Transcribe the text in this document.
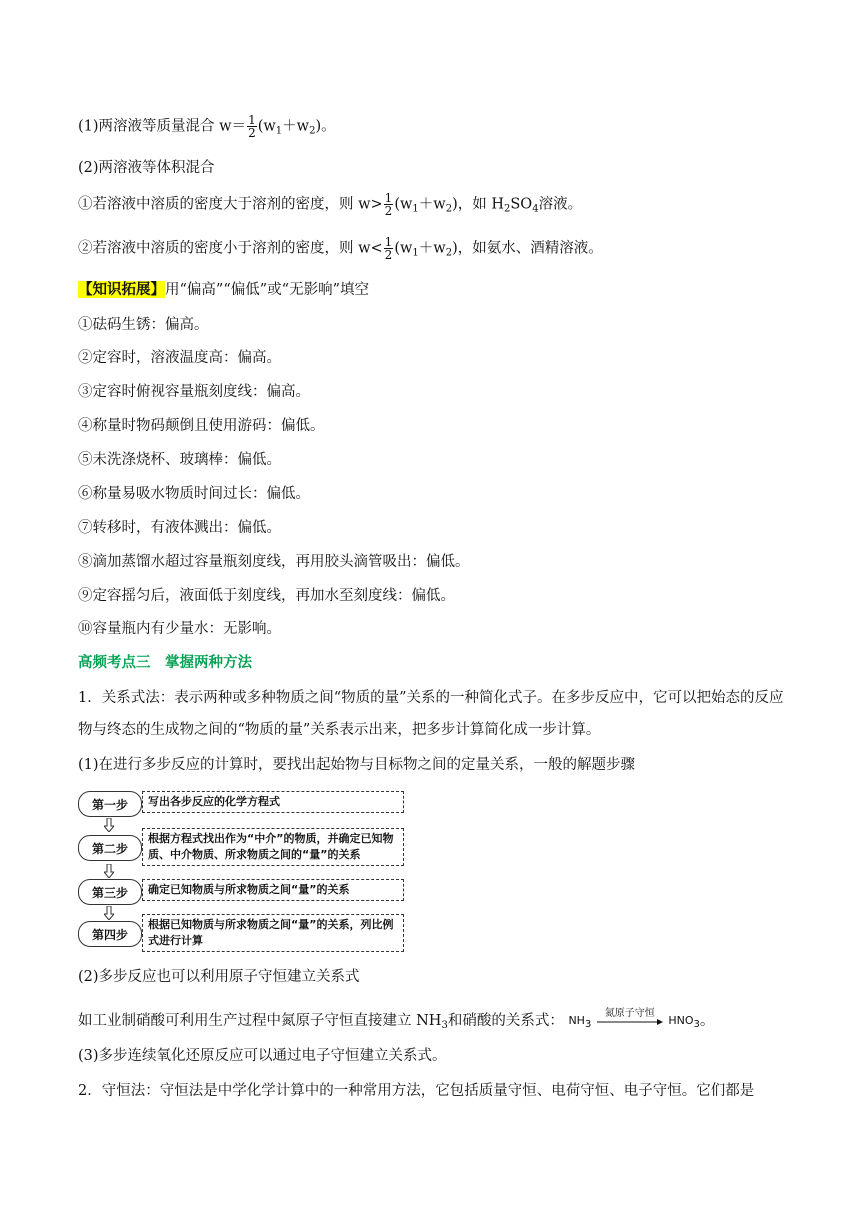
(1)两溶液等质量混合 $w= \frac{1}{2} (w_1+w_2)$。
(2)两溶液等体积混合
①若溶液中溶质的密度大于溶剂的密度，则 $w> \frac{1}{2} (w_1+w_2)$，如 $H_2SO_4$溶液。
②若溶液中溶质的密度小于溶剂的密度，则 $w< \frac{1}{2} (w_1+w_2)$，如氨水、酒精溶液。
【知识拓展】用“偏高”“偏低”或“无影响”填空
①砝码生锈：偏高。
②定容时，溶液温度高：偏高。
③定容时俯视容量瓶刻度线：偏高。
④称量时物码颠倒且使用游码：偏低。
⑤未洗涤烧杯、玻璃棒：偏低。
⑥称量易吸水物质时间过长：偏低。
⑦转移时，有液体溅出：偏低。
⑧滴加蒸馏水超过容量瓶刻度线，再用胶头滴管吸出：偏低。
⑨定容摇匀后，液面低于刻度线，再加水至刻度线：偏低。
⑩容量瓶内有少量水：无影响。
高频考点三　掌握两种方法
1．关系式法：表示两种或多种物质之间“物质的量”关系的一种简化式子。在多步反应中，它可以把始态的反应物与终态的生成物之间的“物质的量”关系表示出来，把多步计算简化成一步计算。
(1)在进行多步反应的计算时，要找出起始物与目标物之间的定量关系，一般的解题步骤
第一步	写出各步反应的化学方程式
第二步
根据方程式找出作为“中介”的物质，并确定已知物质、中介物质、所求物质之间的“量”的关系
第三步	确定已知物质与所求物质之间“量”的关系
第四步
根据已知物质与所求物质之间“量”的关系，列比例式进行计算
(2)多步反应也可以利用原子守恒建立关系式
如工业制硝酸可利用生产过程中氮原子守恒直接建立 $NH_3$和硝酸的关系式： $NH_3$
氮原子守恒
$HNO_3$。
(3)多步连续氧化还原反应可以通过电子守恒建立关系式。
2．守恒法：守恒法是中学化学计算中的一种常用方法，它包括质量守恒、电荷守恒、电子守恒。它们都是
